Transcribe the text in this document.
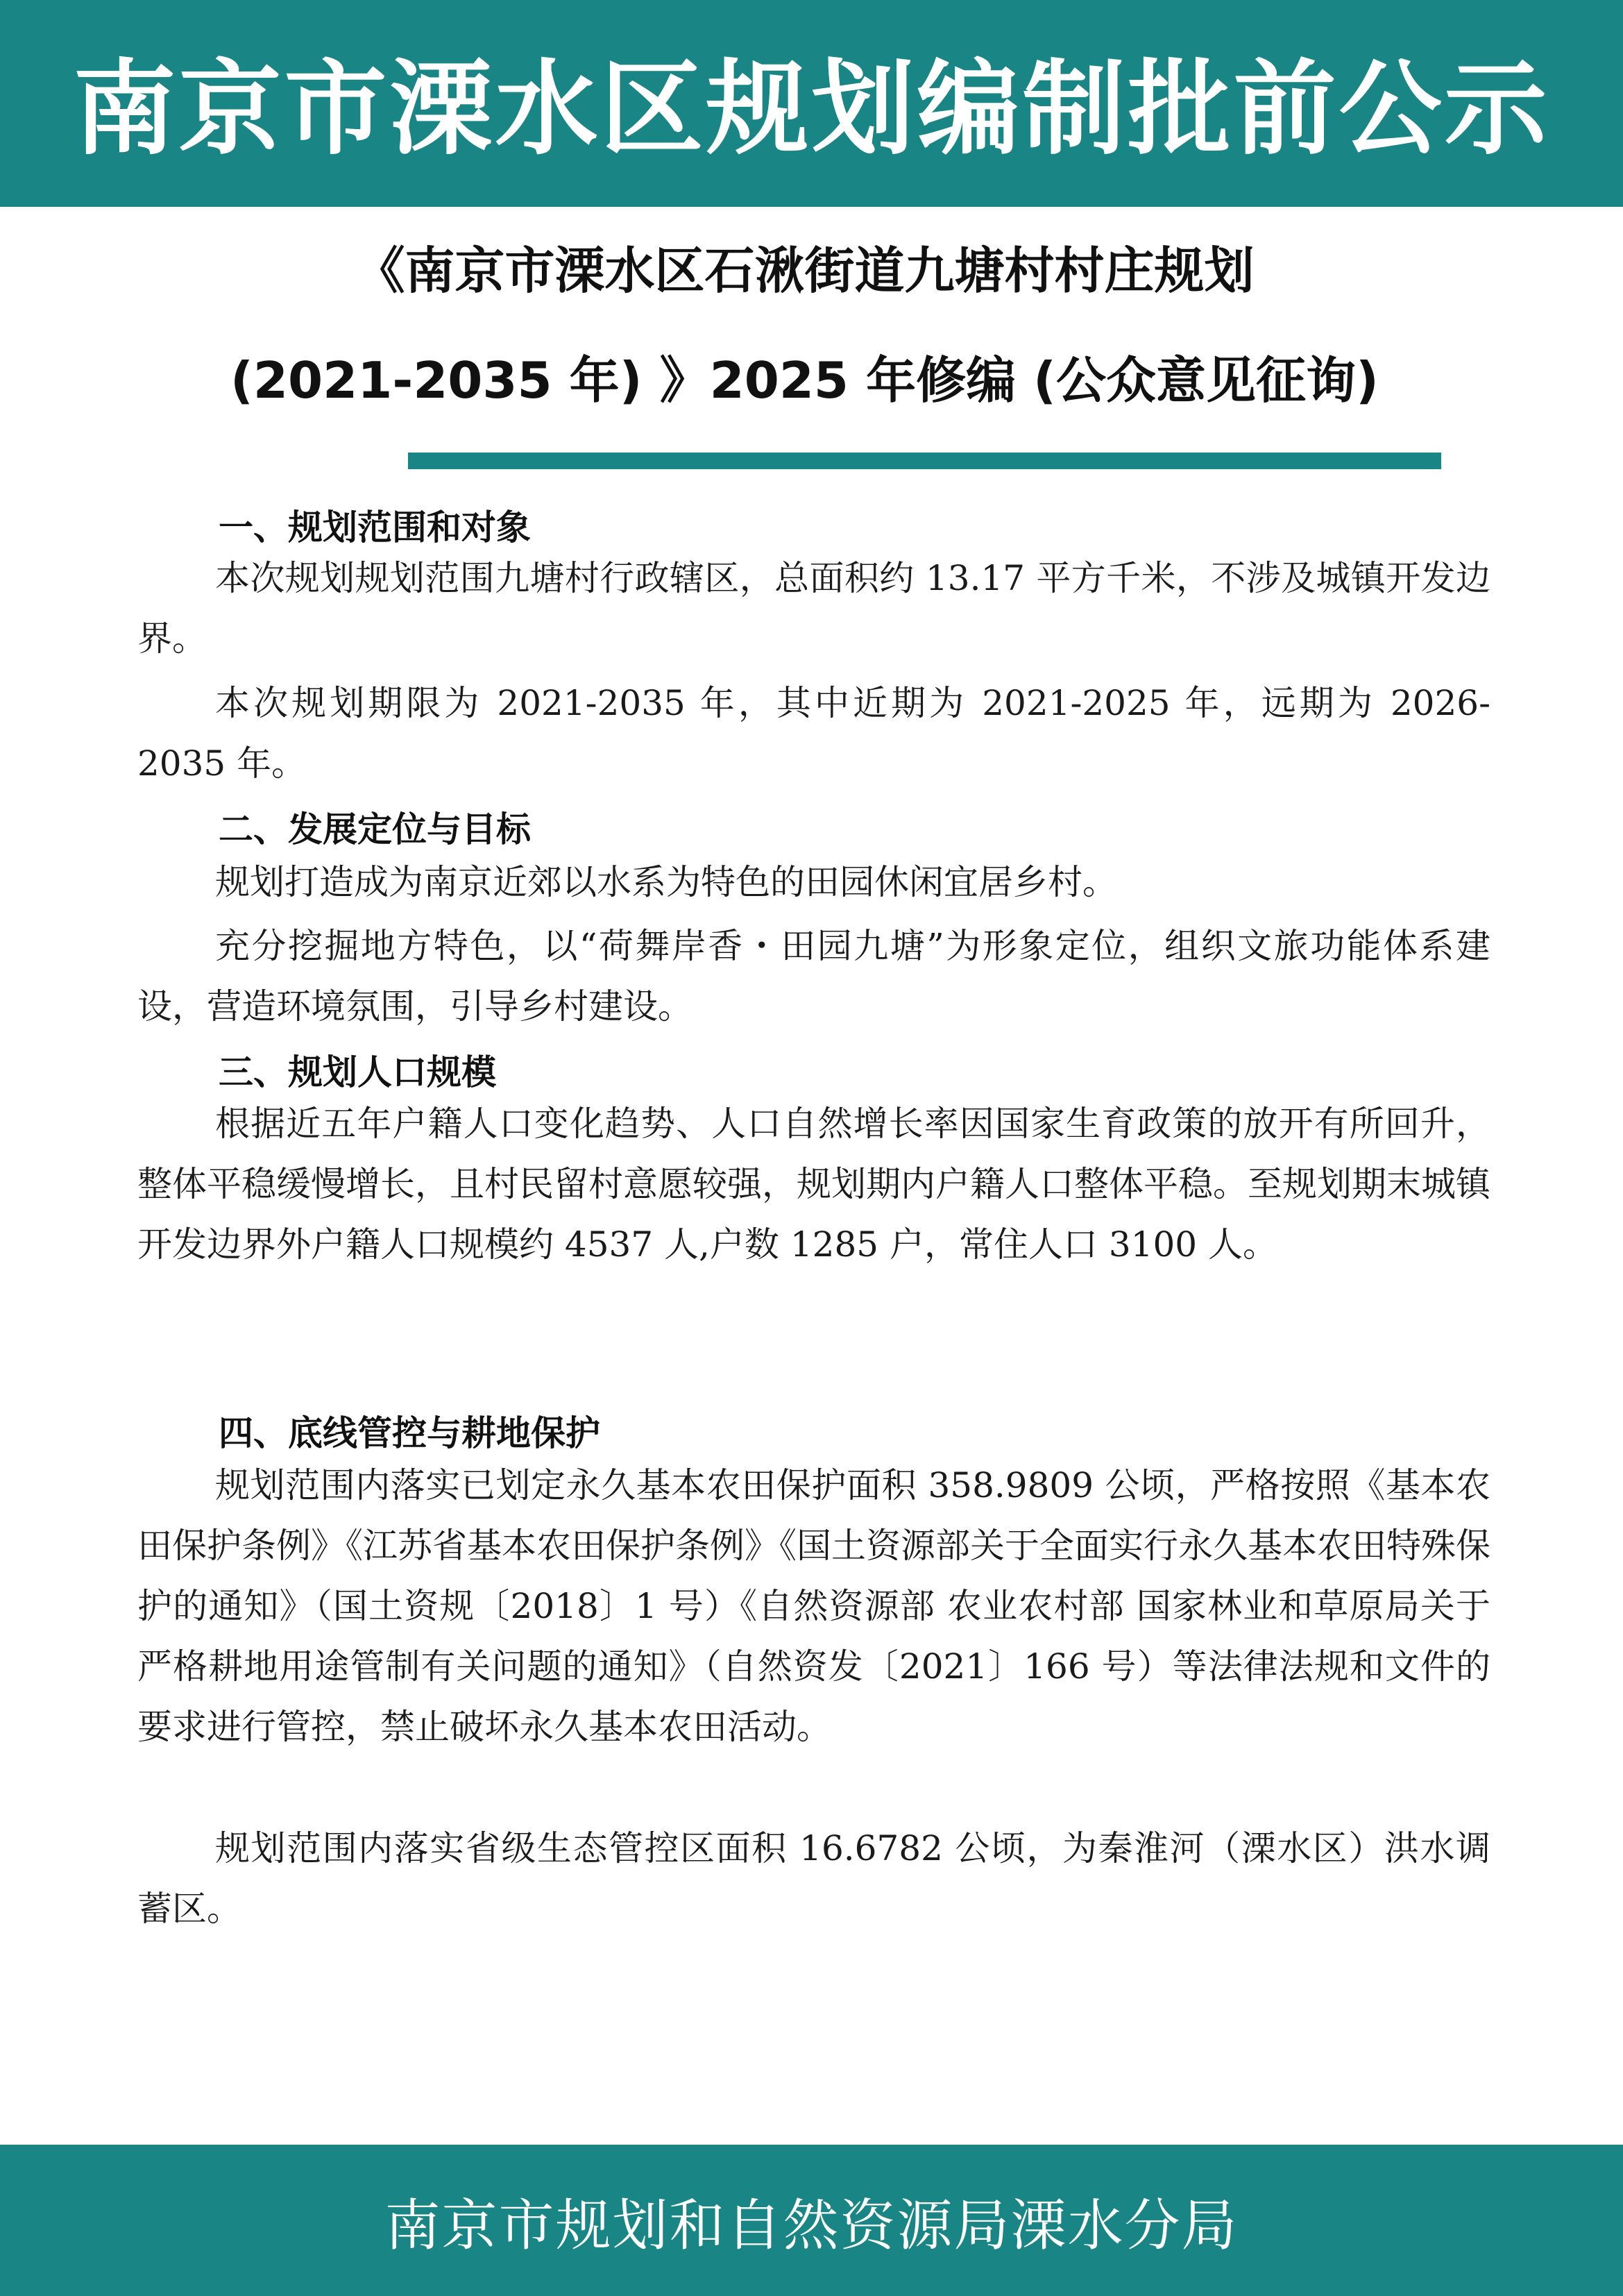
南京市溧水区规划编制批前公示
《南京市溧水区石湫街道九塘村村庄规划
(2021-2035 年) 》2025 年修编 (公众意见征询)
一、规划范围和对象
本次规划规划范围九塘村行政辖区，总面积约 13.17 平方千米，不涉及城镇开发边界。
本次规划期限为 2021-2035 年，其中近期为 2021-2025 年，远期为 2026-2035 年。
二、发展定位与目标
规划打造成为南京近郊以水系为特色的田园休闲宜居乡村。
充分挖掘地方特色，以“荷舞岸香・田园九塘”为形象定位，组织文旅功能体系建设，营造环境氛围，引导乡村建设。
三、规划人口规模
根据近五年户籍人口变化趋势、人口自然增长率因国家生育政策的放开有所回升，整体平稳缓慢增长，且村民留村意愿较强，规划期内户籍人口整体平稳。至规划期末城镇开发边界外户籍人口规模约 4537 人,户数 1285 户，常住人口 3100 人。
四、底线管控与耕地保护
规划范围内落实已划定永久基本农田保护面积 358.9809 公顷，严格按照《基本农田保护条例》《江苏省基本农田保护条例》《国土资源部关于全面实行永久基本农田特殊保护的通知》（国土资规〔2018〕1 号）《自然资源部 农业农村部 国家林业和草原局关于严格耕地用途管制有关问题的通知》（自然资发〔2021〕166 号）等法律法规和文件的要求进行管控，禁止破坏永久基本农田活动。
规划范围内落实省级生态管控区面积 16.6782 公顷，为秦淮河（溧水区）洪水调蓄区。
南京市规划和自然资源局溧水分局
